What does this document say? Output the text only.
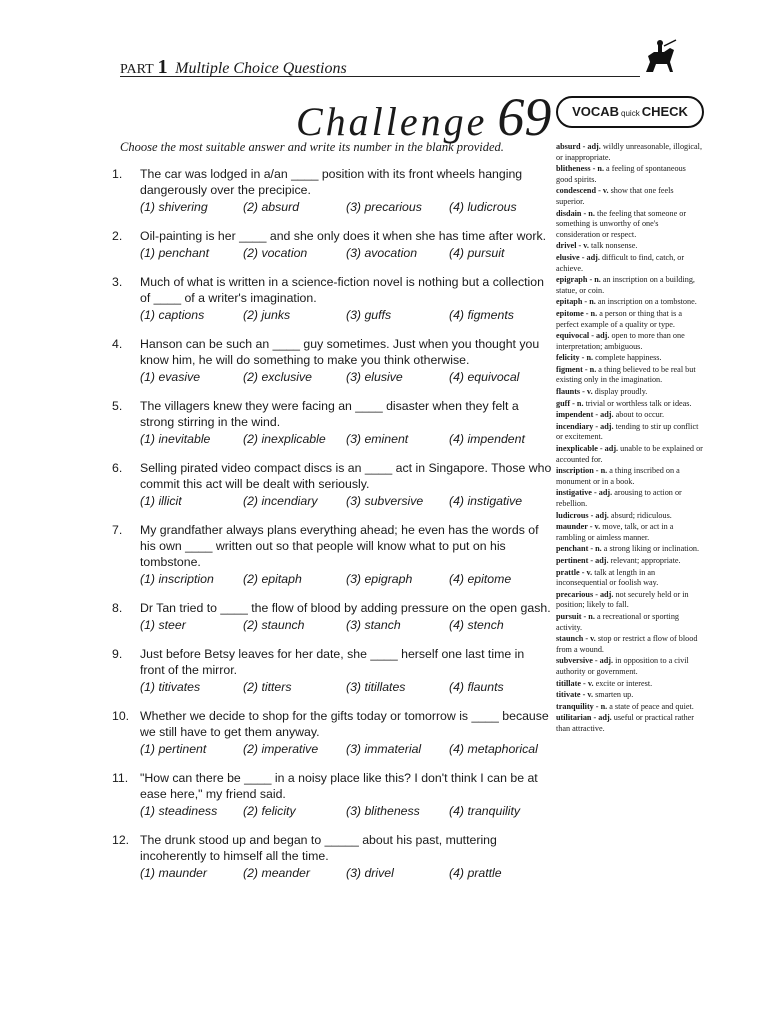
PART 1 Multiple Choice Questions
Challenge 69	VOCAB quick CHECK
Choose the most suitable answer and write its number in the blank provided.
1.	The car was lodged in a/an ____ position with its front wheels hanging dangerously over the precipice.
(1) shivering	(2) absurd	(3) precarious	(4) ludicrous
2.	Oil-painting is her ____ and she only does it when she has time after work.
(1) penchant	(2) vocation	(3) avocation	(4) pursuit
3.	Much of what is written in a science-fiction novel is nothing but a collection of ____ of a writer's imagination.
(1) captions	(2) junks	(3) guffs	(4) figments
4.	Hanson can be such an ____ guy sometimes. Just when you thought you know him, he will do something to make you think otherwise.
(1) evasive	(2) exclusive	(3) elusive	(4) equivocal
5.	The villagers knew they were facing an ____ disaster when they felt a strong stirring in the wind.
(1) inevitable	(2) inexplicable	(3) eminent	(4) impendent
6.	Selling pirated video compact discs is an ____ act in Singapore. Those who commit this act will be dealt with seriously.
(1) illicit	(2) incendiary	(3) subversive	(4) instigative
7.	My grandfather always plans everything ahead; he even has the words of his own ____ written out so that people will know what to put on his tombstone.
(1) inscription	(2) epitaph	(3) epigraph	(4) epitome
8.	Dr Tan tried to ____ the flow of blood by adding pressure on the open gash.
(1) steer	(2) staunch	(3) stanch	(4) stench
9.	Just before Betsy leaves for her date, she ____ herself one last time in front of the mirror.
(1) titivates	(2) titters	(3) titillates	(4) flaunts
10. Whether we decide to shop for the gifts today or tomorrow is ____ because we still have to get them anyway.
(1) pertinent	(2) imperative	(3) immaterial	(4) metaphorical
11. "How can there be ____ in a noisy place like this? I don't think I can be at ease here," my friend said.
(1) steadiness	(2) felicity	(3) blitheness	(4) tranquility
12. The drunk stood up and began to _____ about his past, muttering incoherently to himself all the time.
(1) maunder	(2) meander	(3) drivel	(4) prattle
absurd - adj. wildly unreasonable, illogical, or inappropriate.
blitheness - n. a feeling of spontaneous good spirits.
condescend - v. show that one feels superior.
disdain - n. the feeling that someone or something is unworthy of one's consideration or respect.
drivel - v. talk nonsense.
elusive - adj. difficult to find, catch, or achieve.
epigraph - n. an inscription on a building, statue, or coin.
epitaph - n. an inscription on a tombstone.
epitome - n. a person or thing that is a perfect example of a quality or type.
equivocal - adj. open to more than one interpretation; ambiguous.
felicity - n. complete happiness.
figment - n. a thing believed to be real but existing only in the imagination.
flaunts - v. display proudly.
guff - n. trivial or worthless talk or ideas.
impendent - adj. about to occur.
incendiary - adj. tending to stir up conflict or excitement.
inexplicable - adj. unable to be explained or accounted for.
inscription - n. a thing inscribed on a monument or in a book.
instigative - adj. arousing to action or rebellion.
ludicrous - adj. absurd; ridiculous.
maunder - v. move, talk, or act in a rambling or aimless manner.
penchant - n. a strong liking or inclination.
pertinent - adj. relevant; appropriate.
prattle - v. talk at length in an inconsequential or foolish way.
precarious - adj. not securely held or in position; likely to fall.
pursuit - n. a recreational or sporting activity.
staunch - v. stop or restrict a flow of blood from a wound.
subversive - adj. in opposition to a civil authority or government.
titillate - v. excite or interest.
titivate - v. smarten up.
tranquility - n. a state of peace and quiet.
utilitarian - adj. useful or practical rather than attractive.
